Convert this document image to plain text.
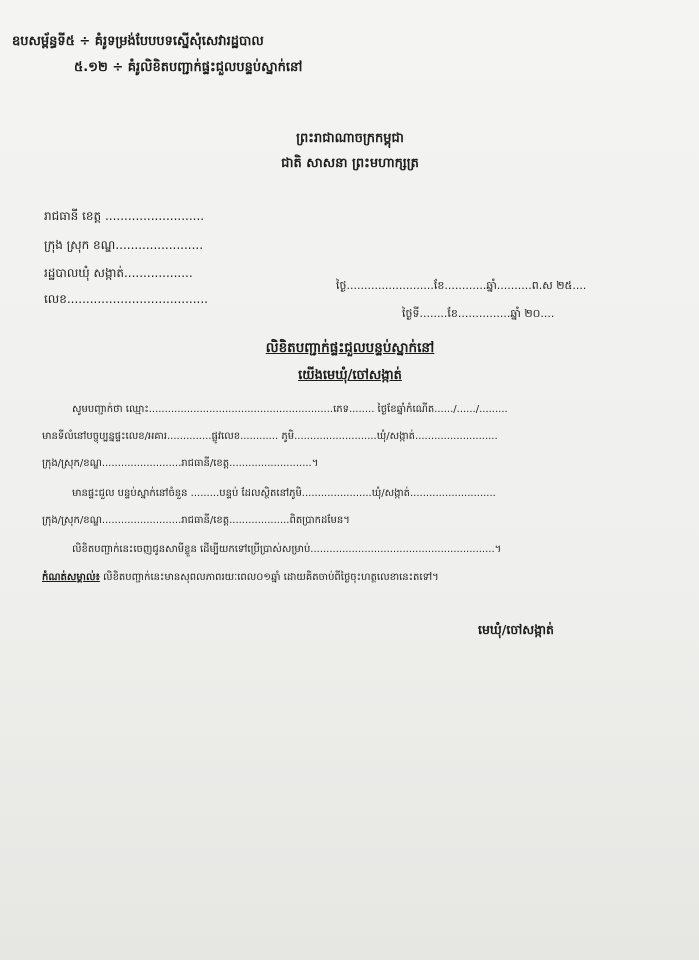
ឧបសម្ព័ន្ធទី៥ ÷ គំរូទម្រង់បែបបទស្នើសុំសេវារដ្ឋបាល
៥.១២ ÷ គំរូលិខិតបញ្ជាក់ផ្ទះជួលបន្ទប់ស្នាក់នៅ
ព្រះរាជាណាចក្រកម្ពុជា
ជាតិ សាសនា ព្រះមហាក្សត្រ
រាជធានី ខេត្ត ..........................
ក្រុង ស្រុក ខណ្ឌ.......................
រដ្ឋបាលឃុំ សង្កាត់..................
លេខ.....................................
ថ្ងៃ.........................ខែ............ឆ្នាំ..........ព.ស ២៥....
ថ្ងៃទី........ខែ...............ឆ្នាំ ២០....
លិខិតបញ្ជាក់ផ្ទះជួលបន្ទប់ស្នាក់នៅ
យើងមេឃុំ/ចៅសង្កាត់
សូមបញ្ជាក់ថា ឈ្មោះ..........................................................ភេទ........ ថ្ងៃខែឆ្នាំកំណើត....../....../.........
មានទីលំនៅបច្ចុប្បន្នផ្ទះលេខ/អគារ..............ផ្លូវលេខ............ ភូមិ..........................ឃុំ/សង្កាត់..........................
ក្រុង/ស្រុក/ខណ្ឌ.........................រាជធានី/ខេត្ត..........................។
មានផ្ទះជួល បន្ទប់ស្នាក់នៅចំនួន .........បន្ទប់ ដែលស្ថិតនៅភូមិ......................ឃុំ/សង្កាត់...........................
ក្រុង/ស្រុក/ខណ្ឌ.........................រាជធានី/ខេត្ត...................ពិតប្រាកដមែន។
លិខិតបញ្ជាក់នេះចេញជូនសាមីខ្លួន ដើម្បីយកទៅប្រើប្រាស់សម្រាប់..........................................................។
កំណត់សម្គាល់៖ លិខិតបញ្ជាក់នេះមានសុពលភាពរយៈពេល០១ឆ្នាំ ដោយគិតចាប់ពីថ្ងៃចុះហត្ថលេខានេះតទៅ។
មេឃុំ/ចៅសង្កាត់
